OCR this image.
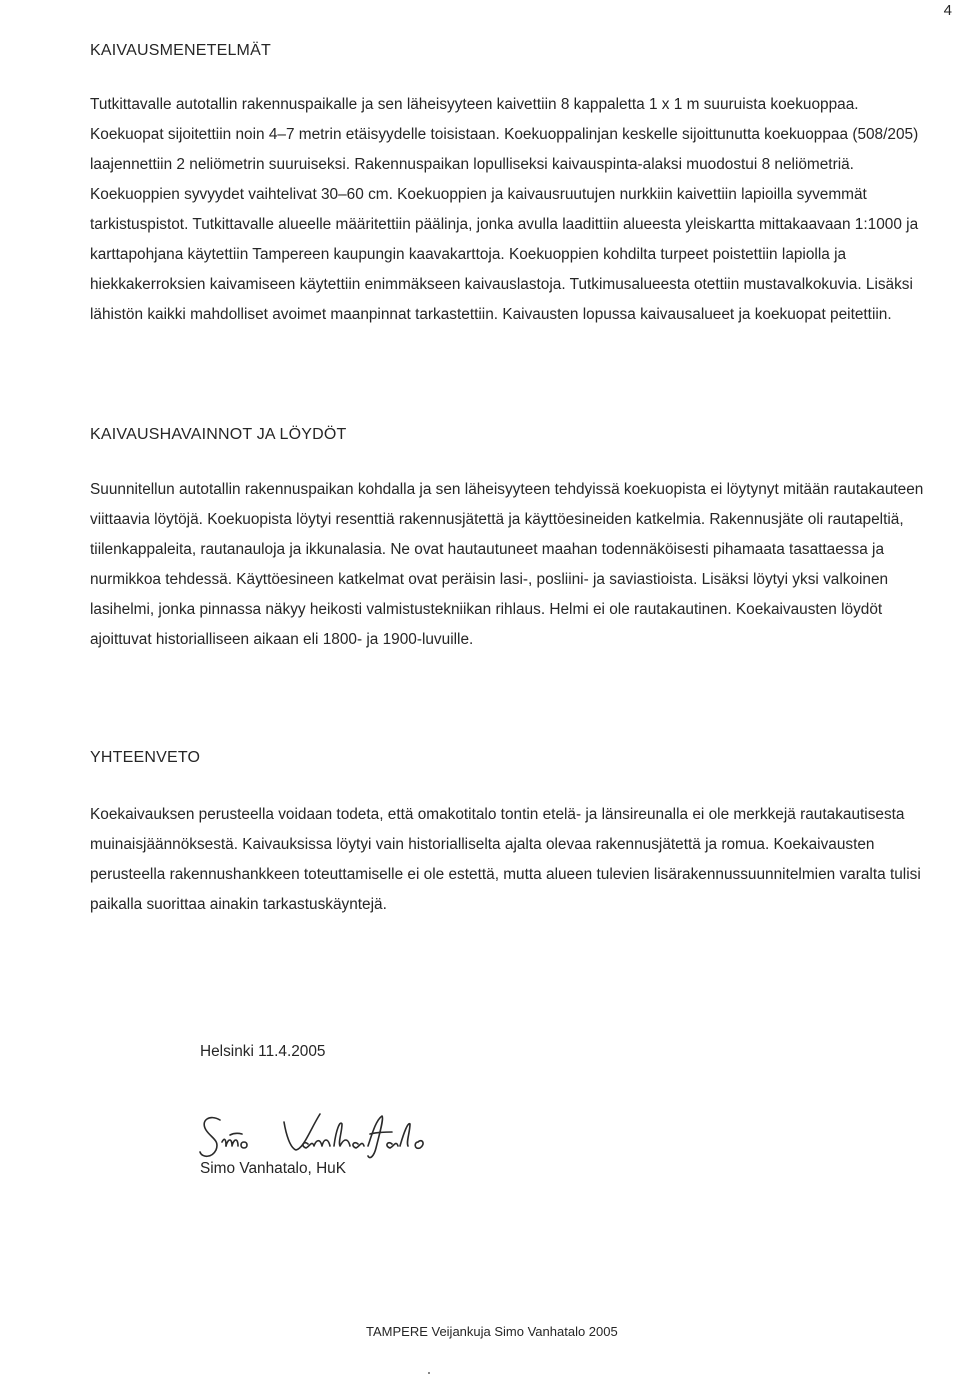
4
KAIVAUSMENETELMÄT

Tutkittavalle autotallin rakennuspaikalle ja sen läheisyyteen kaivettiin 8 kappaletta 1 x 1 m suuruista koekuoppaa. Koekuopat sijoitettiin noin 4–7 metrin etäisyydelle toisistaan. Koekuoppalinjan keskelle sijoittunutta koekuoppaa (508/205) laajennettiin 2 neliömetrin suuruiseksi. Rakennuspaikan lopulliseksi kaivauspinta-alaksi muodostui 8 neliömetriä. Koekuoppien syvyydet vaihtelivat 30–60 cm. Koekuoppien ja kaivausruutujen nurkkiin kaivettiin lapioilla syvemmät tarkistuspistot. Tutkittavalle alueelle määritettiin päälinja, jonka avulla laadittiin alueesta yleiskartta mittakaavaan 1:1000 ja karttapohjana käytettiin Tampereen kaupungin kaavakarttoja. Koekuoppien kohdilta turpeet poistettiin lapiolla ja hiekkakerroksien kaivamiseen käytettiin enimmäkseen kaivauslastoja. Tutkimusalueesta otettiin mustavalkokuvia. Lisäksi lähistön kaikki mahdolliset avoimet maanpinnat tarkastettiin. Kaivausten lopussa kaivausalueet ja koekuopat peitettiin.

KAIVAUSHAVAINNOT JA LÖYDÖT

Suunnitellun autotallin rakennuspaikan kohdalla ja sen läheisyyteen tehdyissä koekuopista ei löytynyt mitään rautakauteen viittaavia löytöjä. Koekuopista löytyi resenttiä rakennusjätettä ja käyttöesineiden katkelmia. Rakennusjäte oli rautapeltiä, tiilenkappaleita, rautanauloja ja ikkunalasia. Ne ovat hautautuneet maahan todennäköisesti pihamaata tasattaessa ja nurmikkoa tehdessä. Käyttöesineen katkelmat ovat peräisin lasi-, posliini- ja saviastioista. Lisäksi löytyi yksi valkoinen lasihelmi, jonka pinnassa näkyy heikosti valmistustekniikan rihlaus. Helmi ei ole rautakautinen. Koekaivausten löydöt ajoittuvat historialliseen aikaan eli 1800- ja 1900-luvuille.

YHTEENVETO

Koekaivauksen perusteella voidaan todeta, että omakotitalo tontin etelä- ja länsireunalla ei ole merkkejä rautakautisesta muinaisjäännöksestä. Kaivauksissa löytyi vain historialliselta ajalta olevaa rakennusjätettä ja romua. Koekaivausten perusteella rakennushankkeen toteuttamiselle ei ole estettä, mutta alueen tulevien lisärakennussuunnitelmien varalta tulisi paikalla suorittaa ainakin tarkastuskäyntejä.

Helsinki 11.4.2005
Simo Vanhatalo, HuK
TAMPERE Veijankuja Simo Vanhatalo 2005
